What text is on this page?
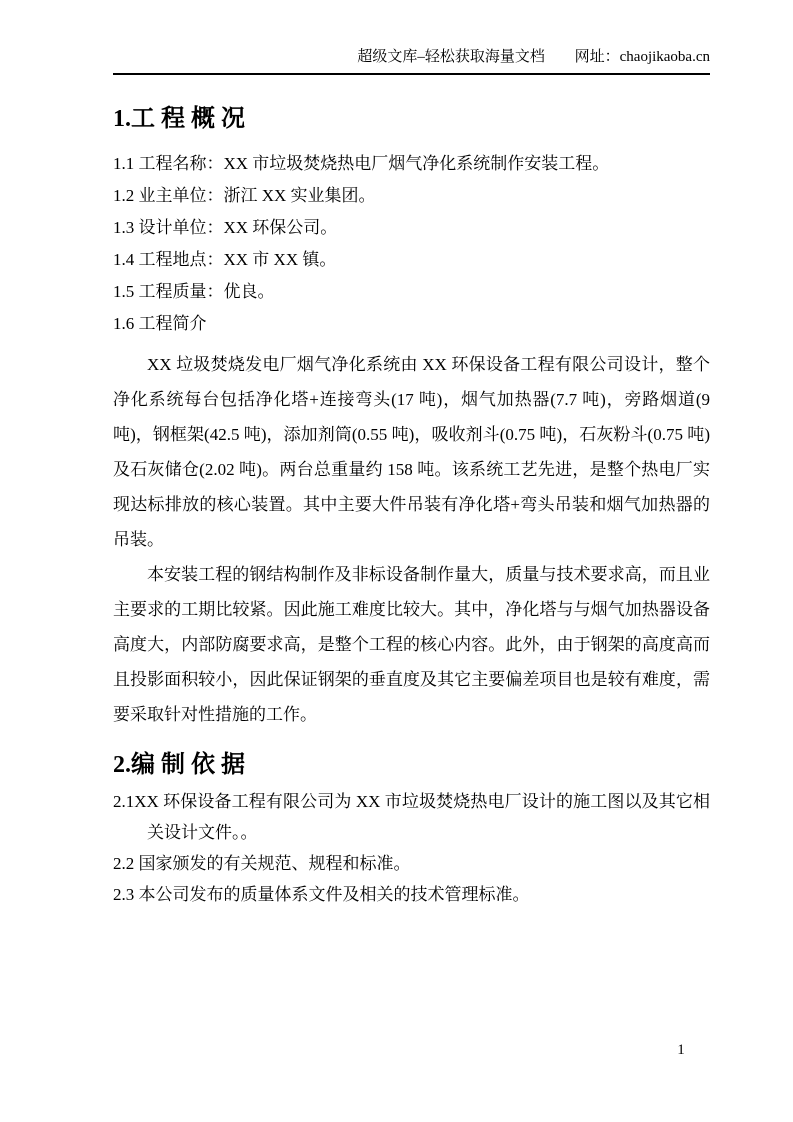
超级文库–轻松获取海量文档 网址：chaojikaoba.cn
1.工 程 概 况
1.1 工程名称：XX 市垃圾焚烧热电厂烟气净化系统制作安装工程。
1.2 业主单位：浙江 XX 实业集团。
1.3 设计单位：XX 环保公司。
1.4 工程地点：XX 市 XX 镇。
1.5 工程质量：优良。
1.6 工程简介

XX 垃圾焚烧发电厂烟气净化系统由 XX 环保设备工程有限公司设计，整个净化系统每台包括净化塔+连接弯头(17 吨)，烟气加热器(7.7 吨)，旁路烟道(9 吨)，钢框架(42.5 吨)，添加剂筒(0.55 吨)，吸收剂斗(0.75 吨)，石灰粉斗(0.75 吨)及石灰储仓(2.02 吨)。两台总重量约 158 吨。该系统工艺先进，是整个热电厂实现达标排放的核心装置。其中主要大件吊装有净化塔+弯头吊装和烟气加热器的吊装。

本安装工程的钢结构制作及非标设备制作量大，质量与技术要求高，而且业主要求的工期比较紧。因此施工难度比较大。其中，净化塔与与烟气加热器设备高度大，内部防腐要求高，是整个工程的核心内容。此外，由于钢架的高度高而且投影面积较小，因此保证钢架的垂直度及其它主要偏差项目也是较有难度，需要采取针对性措施的工作。

2.编 制 依 据
2.1XX 环保设备工程有限公司为 XX 市垃圾焚烧热电厂设计的施工图以及其它相关设计文件。。
2.2 国家颁发的有关规范、规程和标准。
2.3 本公司发布的质量体系文件及相关的技术管理标准。
1
